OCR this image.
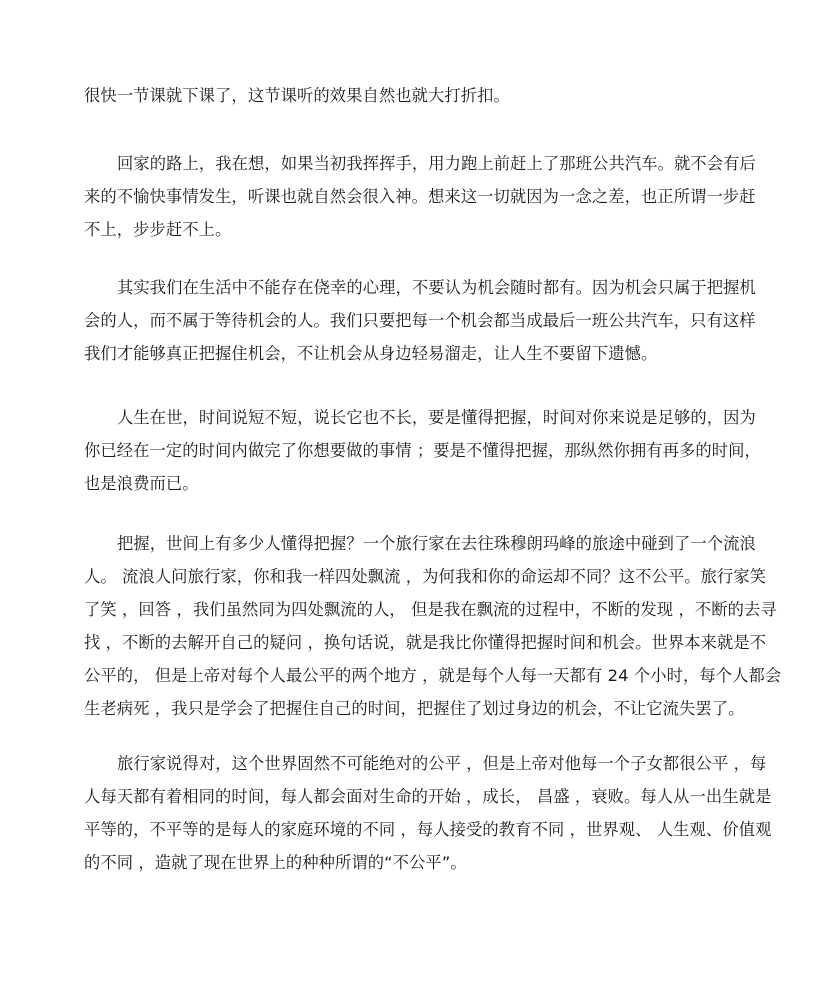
很快一节课就下课了，这节课听的效果自然也就大打折扣。
回家的路上，我在想，如果当初我挥挥手，用力跑上前赶上了那班公共汽车。就不会有后
来的不愉快事情发生，听课也就自然会很入神。想来这一切就因为一念之差，也正所谓一步赶
不上，步步赶不上。
其实我们在生活中不能存在侥幸的心理，不要认为机会随时都有。因为机会只属于把握机
会的人，而不属于等待机会的人。我们只要把每一个机会都当成最后一班公共汽车，只有这样
我们才能够真正把握住机会，不让机会从身边轻易溜走，让人生不要留下遗憾。
人生在世，时间说短不短，说长它也不长，要是懂得把握，时间对你来说是足够的，因为
你已经在一定的时间内做完了你想要做的事情 ；要是不懂得把握，那纵然你拥有再多的时间，
也是浪费而已。
把握，世间上有多少人懂得把握？一个旅行家在去往珠穆朗玛峰的旅途中碰到了一个流浪
人。 流浪人问旅行家，你和我一样四处飘流 ，为何我和你的命运却不同？这不公平。旅行家笑
了笑 ，回答 ，我们虽然同为四处飘流的人， 但是我在飘流的过程中，不断的发现 ，不断的去寻
找 ，不断的去解开自己的疑问 ，换句话说，就是我比你懂得把握时间和机会。世界本来就是不
公平的， 但是上帝对每个人最公平的两个地方 ，就是每个人每一天都有 24 个小时，每个人都会
生老病死 ，我只是学会了把握住自己的时间，把握住了划过身边的机会，不让它流失罢了。
旅行家说得对，这个世界固然不可能绝对的公平 ，但是上帝对他每一个子女都很公平 ，每
人每天都有着相同的时间，每人都会面对生命的开始 ，成长， 昌盛 ，衰败。每人从一出生就是
平等的，不平等的是每人的家庭环境的不同 ，每人接受的教育不同 ，世界观、 人生观、价值观
的不同 ，造就了现在世界上的种种所谓的“不公平”。
